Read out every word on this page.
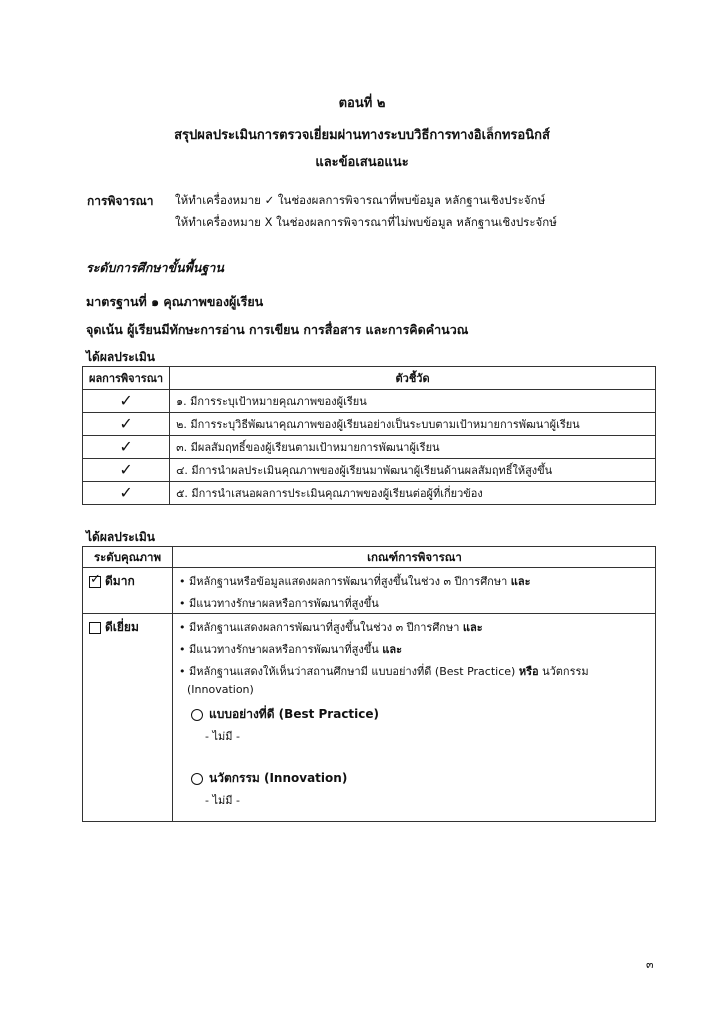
ตอนที่ ๒
สรุปผลประเมินการตรวจเยี่ยมผ่านทางระบบวิธีการทางอิเล็กทรอนิกส์
และข้อเสนอแนะ
การพิจารณา ให้ทำเครื่องหมาย ✓ ในช่องผลการพิจารณาที่พบข้อมูล หลักฐานเชิงประจักษ์
ให้ทำเครื่องหมาย X ในช่องผลการพิจารณาที่ไม่พบข้อมูล หลักฐานเชิงประจักษ์
ระดับการศึกษาขั้นพื้นฐาน
มาตรฐานที่ ๑ คุณภาพของผู้เรียน
จุดเน้น ผู้เรียนมีทักษะการอ่าน การเขียน การสื่อสาร และการคิดคำนวณ
ได้ผลประเมิน
ผลการพิจารณา	ตัวชี้วัด
✓	๑. มีการระบุเป้าหมายคุณภาพของผู้เรียน
✓	๒. มีการระบุวิธีพัฒนาคุณภาพของผู้เรียนอย่างเป็นระบบตามเป้าหมายการพัฒนาผู้เรียน
✓	๓. มีผลสัมฤทธิ์ของผู้เรียนตามเป้าหมายการพัฒนาผู้เรียน
✓	๔. มีการนำผลประเมินคุณภาพของผู้เรียนมาพัฒนาผู้เรียนด้านผลสัมฤทธิ์ให้สูงขึ้น
✓	๕. มีการนำเสนอผลการประเมินคุณภาพของผู้เรียนต่อผู้ที่เกี่ยวข้อง
ได้ผลประเมิน
ระดับคุณภาพ	เกณฑ์การพิจารณา
✓
ดีมาก	• มีหลักฐานหรือข้อมูลแสดงผลการพัฒนาที่สูงขึ้นในช่วง ๓ ปีการศึกษา และ
• มีแนวทางรักษาผลหรือการพัฒนาที่สูงขึ้น
ดีเยี่ยม	• มีหลักฐานแสดงผลการพัฒนาที่สูงขึ้นในช่วง ๓ ปีการศึกษา และ
• มีแนวทางรักษาผลหรือการพัฒนาที่สูงขึ้น และ
• มีหลักฐานแสดงให้เห็นว่าสถานศึกษามี แบบอย่างที่ดี (Best Practice) หรือ นวัตกรรม
(Innovation)
แบบอย่างที่ดี (Best Practice)
- ไม่มี -
นวัตกรรม (Innovation)
- ไม่มี -
๓
